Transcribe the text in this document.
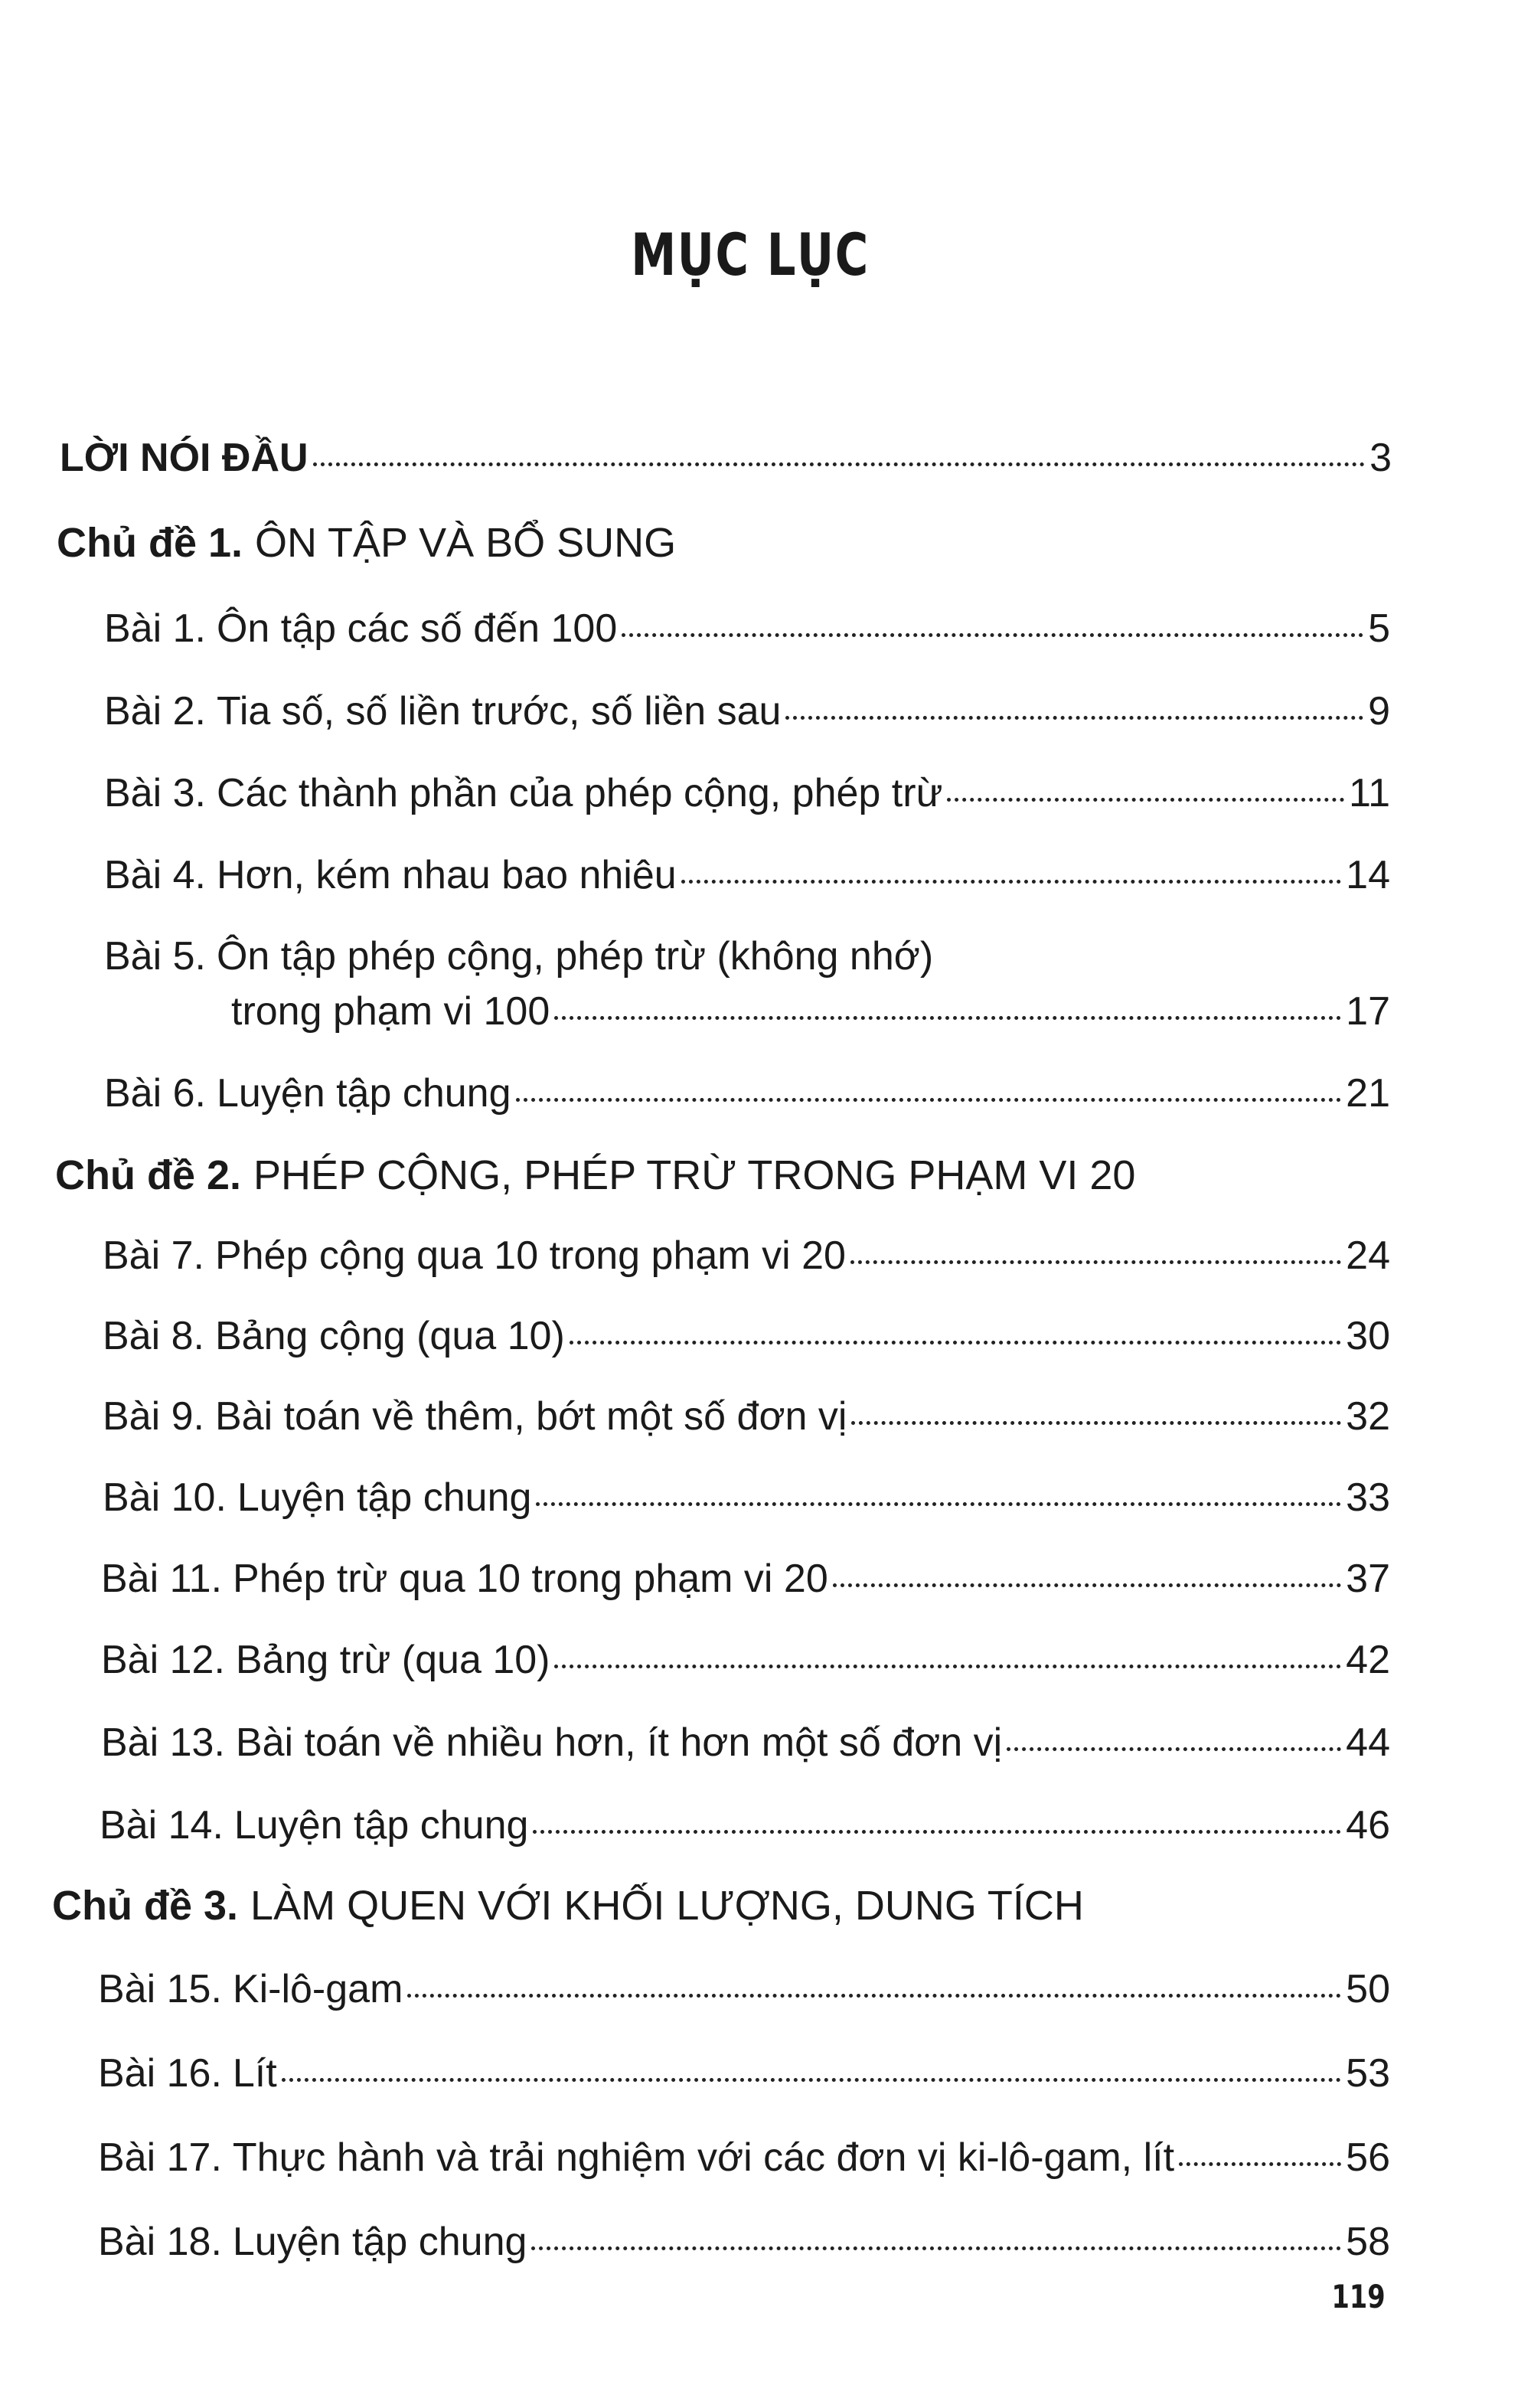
MỤC LỤC
LỜI NÓI ĐẦU	3
Chủ đề 1. ÔN TẬP VÀ BỔ SUNG
Bài 1. Ôn tập các số đến 100	5
Bài 2. Tia số, số liền trước, số liền sau	9
Bài 3. Các thành phần của phép cộng, phép trừ	11
Bài 4. Hơn, kém nhau bao nhiêu	14
Bài 5. Ôn tập phép cộng, phép trừ (không nhớ)
trong phạm vi 100	17
Bài 6. Luyện tập chung	21
Chủ đề 2. PHÉP CỘNG, PHÉP TRỪ TRONG PHẠM VI 20
Bài 7. Phép cộng qua 10 trong phạm vi 20	24
Bài 8. Bảng cộng (qua 10)	30
Bài 9. Bài toán về thêm, bớt một số đơn vị	32
Bài 10. Luyện tập chung	33
Bài 11. Phép trừ qua 10 trong phạm vi 20	37
Bài 12. Bảng trừ (qua 10)	42
Bài 13. Bài toán về nhiều hơn, ít hơn một số đơn vị	44
Bài 14. Luyện tập chung	46
Chủ đề 3. LÀM QUEN VỚI KHỐI LƯỢNG, DUNG TÍCH
Bài 15. Ki-lô-gam	50
Bài 16. Lít	53
Bài 17. Thực hành và trải nghiệm với các đơn vị ki-lô-gam, lít	56
Bài 18. Luyện tập chung	58
119
